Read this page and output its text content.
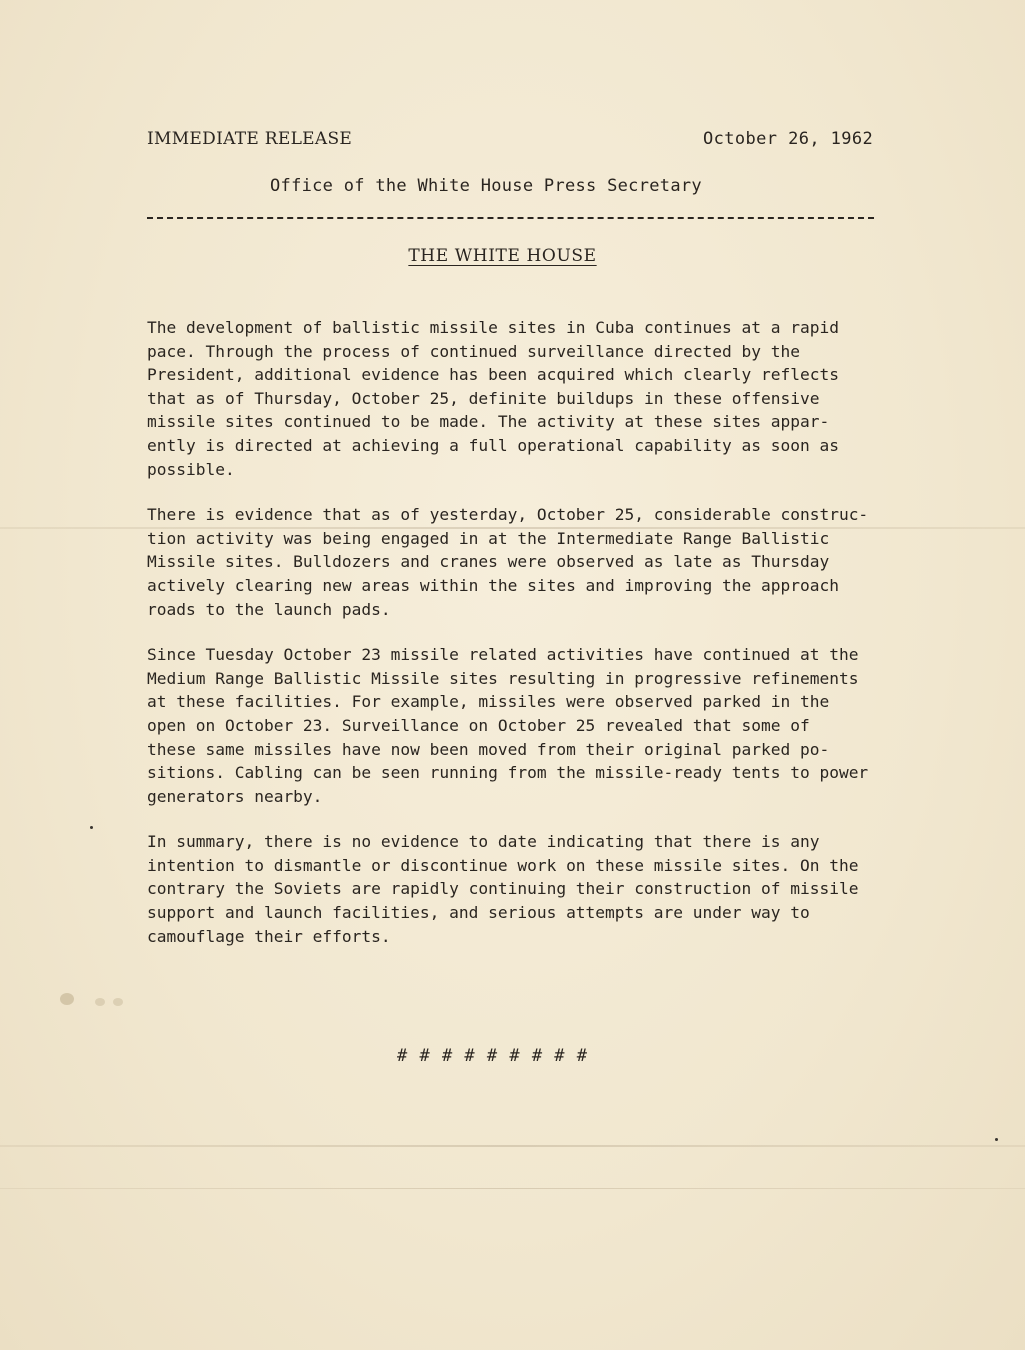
IMMEDIATE RELEASE	October 26, 1962
Office of the White House Press Secretary
THE WHITE HOUSE

The development of ballistic missile sites in Cuba continues at a rapid
pace. Through the process of continued surveillance directed by the
President, additional evidence has been acquired which clearly reflects
that as of Thursday, October 25, definite buildups in these offensive
missile sites continued to be made. The activity at these sites appar-
ently is directed at achieving a full operational capability as soon as
possible.

There is evidence that as of yesterday, October 25, considerable construc-
tion activity was being engaged in at the Intermediate Range Ballistic
Missile sites. Bulldozers and cranes were observed as late as Thursday
actively clearing new areas within the sites and improving the approach
roads to the launch pads.

Since Tuesday October 23 missile related activities have continued at the
Medium Range Ballistic Missile sites resulting in progressive refinements
at these facilities. For example, missiles were observed parked in the
open on October 23. Surveillance on October 25 revealed that some of
these same missiles have now been moved from their original parked po-
sitions. Cabling can be seen running from the missile-ready tents to power
generators nearby.

In summary, there is no evidence to date indicating that there is any
intention to dismantle or discontinue work on these missile sites. On the
contrary the Soviets are rapidly continuing their construction of missile
support and launch facilities, and serious attempts are under way to
camouflage their efforts.

# # # # # # # # #
